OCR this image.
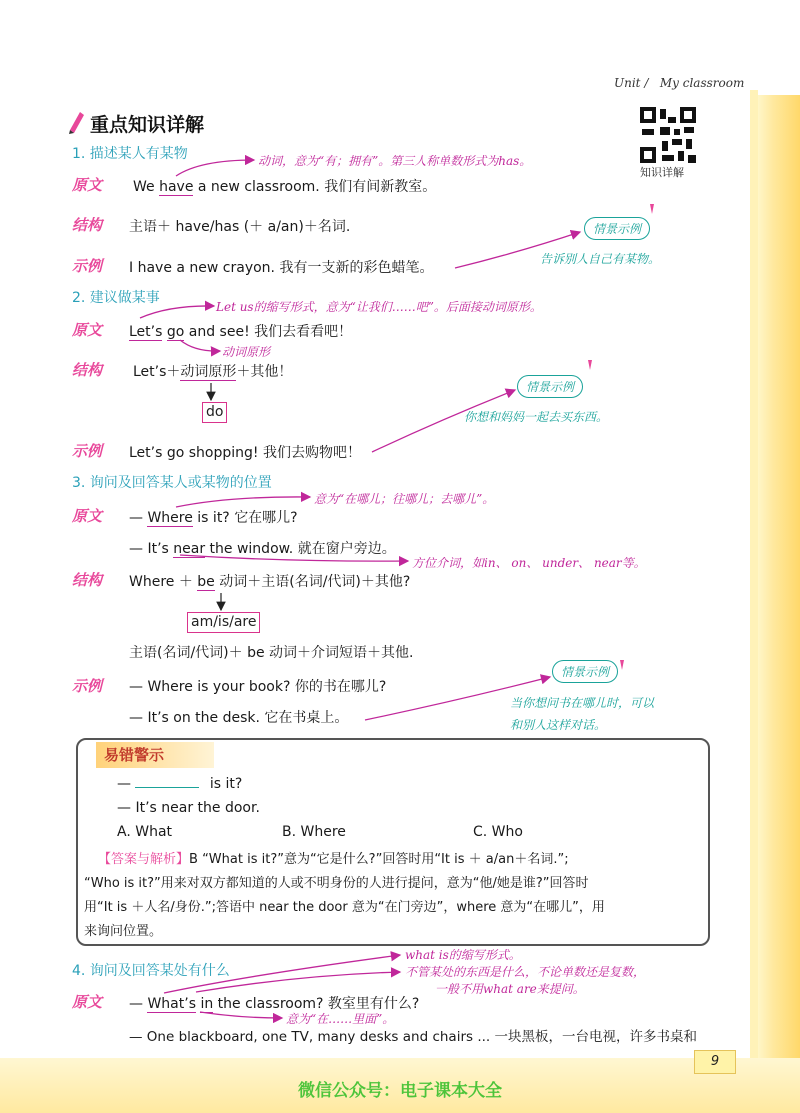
Unit / My classroom
知识详解
重点知识详解
1. 描述某人有某物	动词，意为“有；拥有”。第三人称单数形式为has。
原文 We have a new classroom. 我们有间新教室。
结构 主语＋ have/has (＋ a/an)＋名词.	情景示例
示例 I have a new crayon. 我有一支新的彩色蜡笔。
告诉别人自己有某物。
2. 建议做某事
Let us的缩写形式，意为“让我们……吧”。后面接动词原形。
原文 Let’s go and see! 我们去看看吧！
动词原形
结构 Let’s＋动词原形＋其他！
do
情景示例
你想和妈妈一起去买东西。
示例 Let’s go shopping! 我们去购物吧！
3. 询问及回答某人或某物的位置
意为“在哪儿；往哪儿；去哪儿”。
原文 — Where is it? 它在哪儿?
— It’s near the window. 就在窗户旁边。
方位介词，如in、 on、 under、 near等。
结构 Where ＋ be 动词＋主语(名词/代词)＋其他?
am/is/are
主语(名词/代词)＋ be 动词＋介词短语＋其他.
情景示例
示例 — Where is your book? 你的书在哪儿?
当你想问书在哪儿时，可以
— It’s on the desk. 它在书桌上。	和别人这样对话。
易错警示
—	is it?
— It’s near the door.
A. What	B. Where	C. Who
【答案与解析】B “What is it?”意为“它是什么?”回答时用“It is ＋ a/an＋名词.”;
“Who is it?”用来对双方都知道的人或不明身份的人进行提问，意为“他/她是谁?”回答时
用“It is ＋人名/身份.”;答语中 near the door 意为“在门旁边”，where 意为“在哪儿”，用
来询问位置。
what is的缩写形式。
4. 询问及回答某处有什么	不管某处的东西是什么，不论单数还是复数，
一般不用what are来提问。
原文 — What’s in the classroom? 教室里有什么?
意为“在……里面”。
— One blackboard, one TV, many desks and chairs ... 一块黑板，一台电视，许多书桌和
9
微信公众号：电子课本大全
